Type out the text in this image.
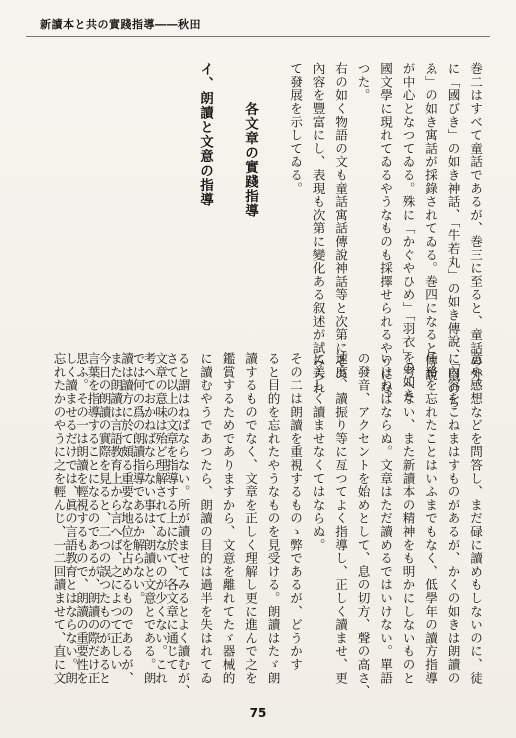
新讀本と共の實踐指導――秋田
巻二はすべて童話であるが、巻三に至ると、童話の外
に「國びき」の如き神話、「牛若丸」の如き傳說、「鼠のち
ゑ」の如き寓話が採錄されてゐる。巻四になると傳說
が中心となつてゐる。殊に「かぐやひめ」「羽衣」の如き
國文學に現れてゐるやうなものも採擇せられるやうにな
つた。
右の如く物語の文も童話寓話傳說神話等と次第にその
內容を豐富にし、表現も次第に變化ある叙述が試みられ
て發展を示してゐる。
各文章の實踐指導
イ、朗讀と文意の指導
意や感想などを問答し、まだ碌に讀めもしないのに、徒
に內容をこねまはすものがあるが、かくの如きは朗讀の
任務を忘れたことはいふまでもなく、低學年の讀方指導
を考へない、また新讀本の精神をも明かにしないものと
いはねばならぬ。文章はただ讀めるではいけない。單語
の發音、アクセントを始めとして、息の切方、聲の高さ、
速度、讀振り等に亙つてよく指導し、正しく讀ませ、更
に美しく讀ませなくてはならぬ。
その二は朗讀を重視するものゝ弊であるが、どうかす
ると目的を忘れたやうなものを見受ける。朗讀はたゞ朗
讀するものでなく、文章を正しく理解し更に進んで之を
鑑賞するためでありますから、文意を離れてたゞ器械的
に讀むやうであつたら、朗讀の目的は過半を失はれてゐ
ると謂はねばならない。所が讀ませてみるとよく讀むが、
文章の意味は殆ど理解されてゐないのが少くない。これ
では何の爲の朗讀指導であるか解らない。
また朗讀は言語教育上から言へば、之によつて正しい
言葉を指導することになるのであるが、朗讀の際だけ正
しく讀ませるだけでは、眞の言語教育とはならない。朗	さて以上の文章を指導する上に於て、各文章に通じて
考へておかねばならない事は、朗讀と文意とである。朗
讀は讀方に於て頗る重要な地位を占めるものであるが、
今日の朗讀の實際を見ると、二つの誤つたものがあると
思ふ。その一は朗讀を輕視するもので、朗讀の重要性を
忘れたかのやうに之を輕んじ、一二回讀ませて、直に文
75
